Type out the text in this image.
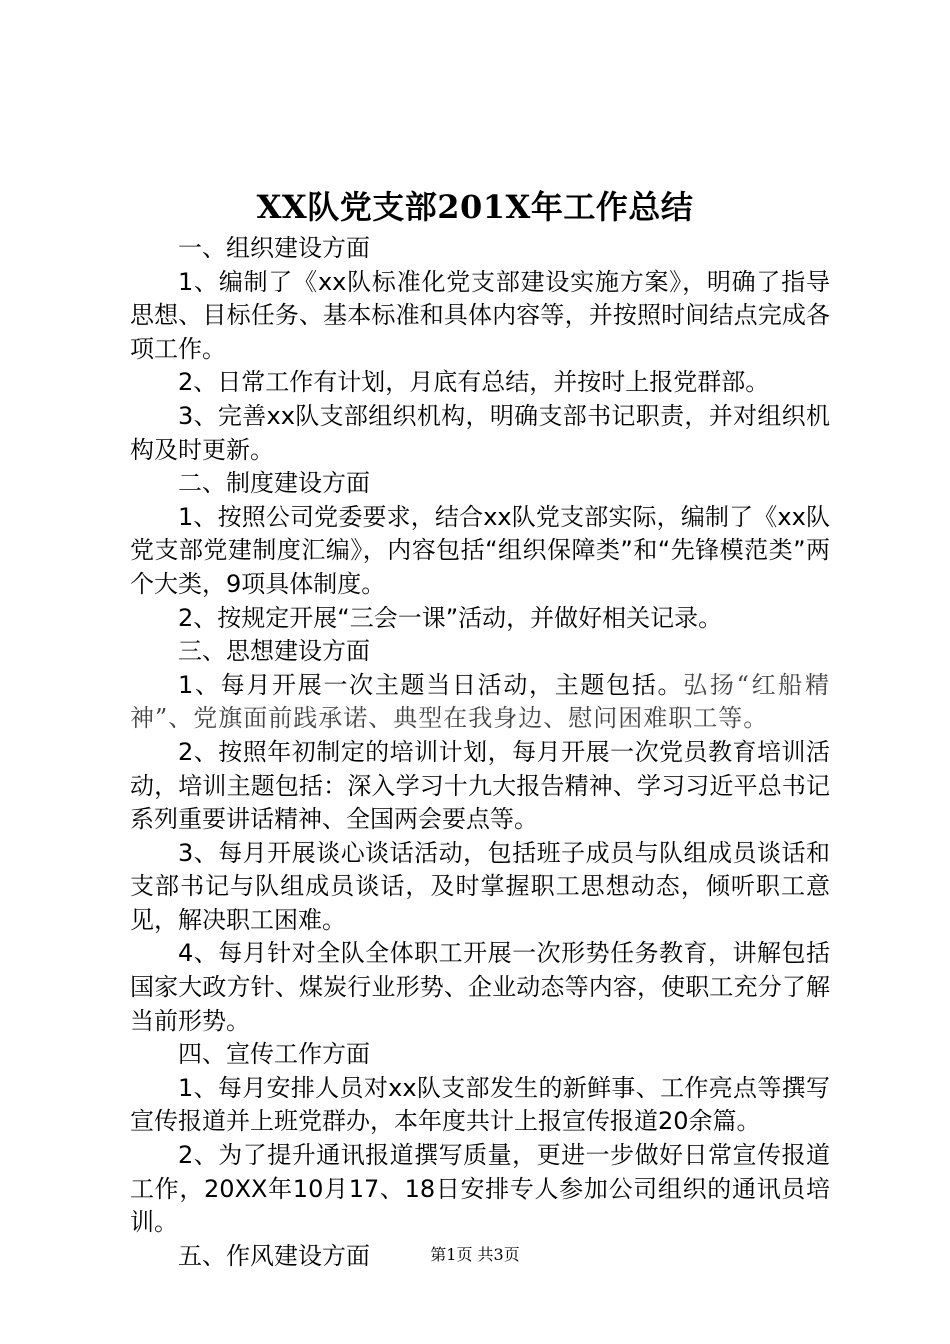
XX队党支部201X年工作总结

一、组织建设方面

1、编制了《xx队标准化党支部建设实施方案》，明确了指导思想、目标任务、基本标准和具体内容等，并按照时间结点完成各项工作。

2、日常工作有计划，月底有总结，并按时上报党群部。

3、完善xx队支部组织机构，明确支部书记职责，并对组织机构及时更新。

二、制度建设方面

1、按照公司党委要求，结合xx队党支部实际，编制了《xx队党支部党建制度汇编》，内容包括“组织保障类”和“先锋模范类”两个大类，9项具体制度。

2、按规定开展“三会一课”活动，并做好相关记录。

三、思想建设方面

1、每月开展一次主题当日活动，主题包括。弘扬“红船精神”、党旗面前践承诺、典型在我身边、慰问困难职工等。

2、按照年初制定的培训计划，每月开展一次党员教育培训活动，培训主题包括：深入学习十九大报告精神、学习习近平总书记系列重要讲话精神、全国两会要点等。

3、每月开展谈心谈话活动，包括班子成员与队组成员谈话和支部书记与队组成员谈话，及时掌握职工思想动态，倾听职工意见，解决职工困难。

4、每月针对全队全体职工开展一次形势任务教育，讲解包括国家大政方针、煤炭行业形势、企业动态等内容，使职工充分了解当前形势。

四、宣传工作方面

1、每月安排人员对xx队支部发生的新鲜事、工作亮点等撰写宣传报道并上班党群办，本年度共计上报宣传报道20余篇。

2、为了提升通讯报道撰写质量，更进一步做好日常宣传报道工作，20XX年10月17、18日安排专人参加公司组织的通讯员培训。

五、作风建设方面	第1页 共3页
